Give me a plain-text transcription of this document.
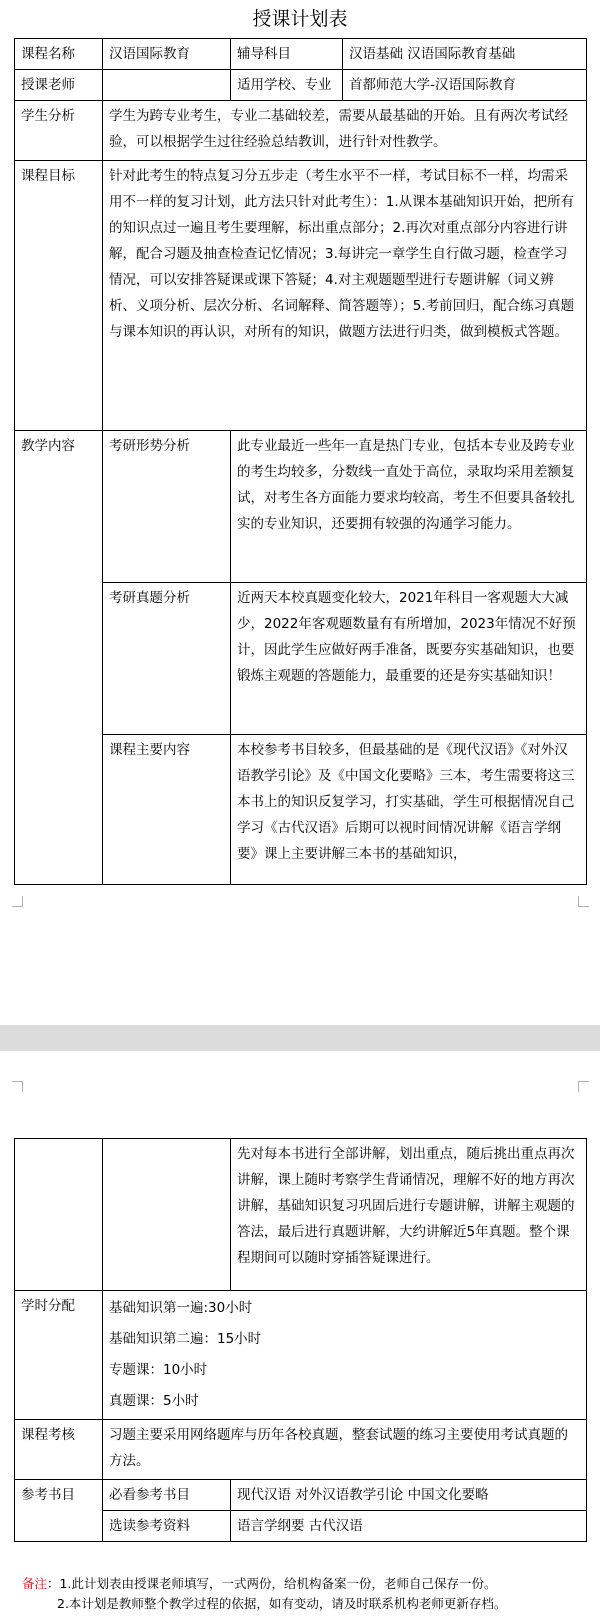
授课计划表
课程名称	汉语国际教育	辅导科目	汉语基础 汉语国际教育基础
授课老师		适用学校、专业	首都师范大学-汉语国际教育
学生分析	学生为跨专业考生，专业二基础较差，需要从最基础的开始。且有两次考试经验，可以根据学生过往经验总结教训，进行针对性教学。		
课程目标	针对此考生的特点复习分五步走（考生水平不一样，考试目标不一样，均需采用不一样的复习计划，此方法只针对此考生）：1.从课本基础知识开始，把所有的知识点过一遍且考生要理解，标出重点部分；2.再次对重点部分内容进行讲解，配合习题及抽查检查记忆情况；3.每讲完一章学生自行做习题，检查学习情况，可以安排答疑课或课下答疑；4.对主观题题型进行专题讲解（词义辨析、义项分析、层次分析、名词解释、简答题等）；5.考前回归，配合练习真题与课本知识的再认识，对所有的知识，做题方法进行归类，做到模板式答题。		
教学内容	考研形势分析	此专业最近一些年一直是热门专业，包括本专业及跨专业的考生均较多，分数线一直处于高位，录取均采用差额复试，对考生各方面能力要求均较高，考生不但要具备较扎实的专业知识，还要拥有较强的沟通学习能力。	
	考研真题分析	近两天本校真题变化较大，2021年科目一客观题大大减少，2022年客观题数量有有所增加，2023年情况不好预计，因此学生应做好两手准备，既要夯实基础知识，也要锻炼主观题的答题能力，最重要的还是夯实基础知识！	
	课程主要内容	本校参考书目较多，但最基础的是《现代汉语》《对外汉语教学引论》及《中国文化要略》三本，考生需要将这三本书上的知识反复学习，打实基础，学生可根据情况自己学习《古代汉语》后期可以视时间情况讲解《语言学纲要》课上主要讲解三本书的基础知识，	
		先对每本书进行全部讲解，划出重点，随后挑出重点再次讲解，课上随时考察学生背诵情况，理解不好的地方再次讲解，基础知识复习巩固后进行专题讲解，讲解主观题的答法，最后进行真题讲解，大约讲解近5年真题。整个课程期间可以随时穿插答疑课进行。
学时分配	基础知识第一遍:30小时
基础知识第二遍：15小时
专题课：10小时
真题课：5小时	

课程考核	习题主要采用网络题库与历年各校真题，整套试题的练习主要使用考试真题的方法。	
参考书目	必看参考书目	现代汉语 对外汉语教学引论 中国文化要略
	选读参考资料	语言学纲要 古代汉语
备注：1.此计划表由授课老师填写，一式两份，给机构备案一份，老师自己保存一份。
2.本计划是教师整个教学过程的依据，如有变动，请及时联系机构老师更新存档。
